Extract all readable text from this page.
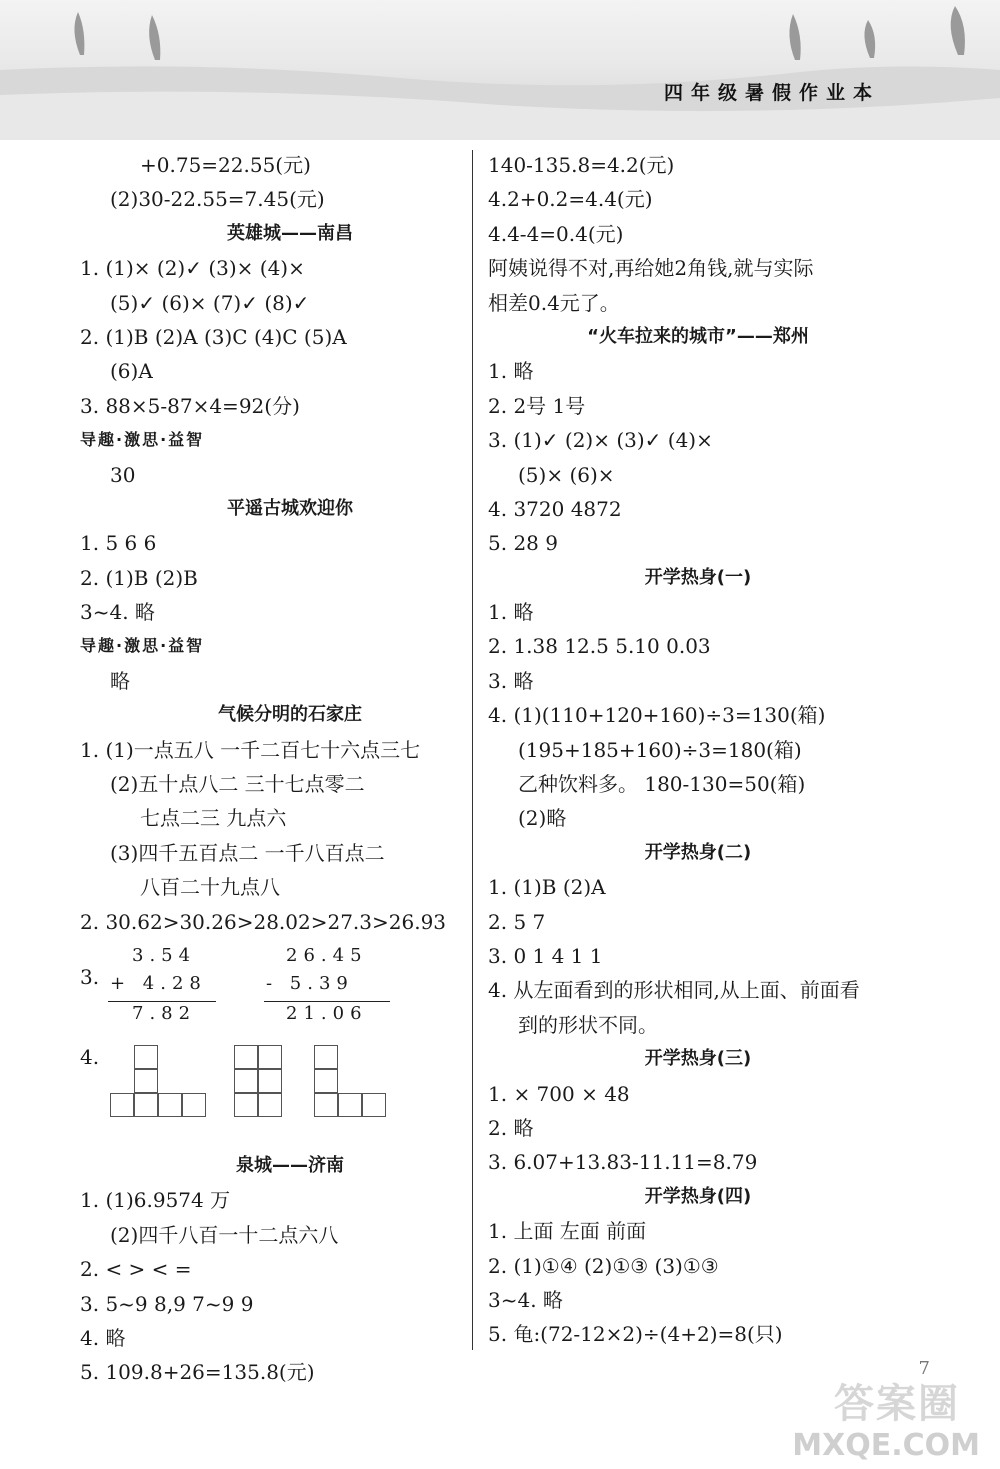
四年级暑假作业本
+0.75=22.55(元)
(2)30-22.55=7.45(元)
英雄城——南昌
1. (1)× (2)✓ (3)× (4)×
(5)✓ (6)× (7)✓ (8)✓
2. (1)B (2)A (3)C (4)C (5)A
(6)A
3. 88×5-87×4=92(分)
导趣·激思·益智
30
平遥古城欢迎你
1. 5 6 6
2. (1)B (2)B
3~4. 略
导趣·激思·益智
略
气候分明的石家庄
1. (1)一点五八 一千二百七十六点三七
(2)五十点八二 三十七点零二
七点二三 九点六
(3)四千五百点二 一千八百点二
八百二十九点八
2. 30.62>30.26>28.02>27.3>26.93
3.
3.54
+ 4.28
7.82
26.45
- 5.39
21.06
4.
泉城——济南
1. (1)6.9574 万
(2)四千八百一十二点六八
2. < > < =
3. 5~9 8,9 7~9 9
4. 略
5. 109.8+26=135.8(元)
140-135.8=4.2(元)
4.2+0.2=4.4(元)
4.4-4=0.4(元)
阿姨说得不对,再给她2角钱,就与实际
相差0.4元了。
“火车拉来的城市”——郑州
1. 略
2. 2号 1号
3. (1)✓ (2)× (3)✓ (4)×
(5)× (6)×
4. 3720 4872
5. 28 9
开学热身(一)
1. 略
2. 1.38 12.5 5.10 0.03
3. 略
4. (1)(110+120+160)÷3=130(箱)
(195+185+160)÷3=180(箱)
乙种饮料多。 180-130=50(箱)
(2)略
开学热身(二)
1. (1)B (2)A
2. 5 7
3. 0 1 4 1 1
4. 从左面看到的形状相同,从上面、前面看
到的形状不同。
开学热身(三)
1. × 700 × 48
2. 略
3. 6.07+13.83-11.11=8.79
开学热身(四)
1. 上面 左面 前面
2. (1)①④ (2)①③ (3)①③
3~4. 略
5. 龟:(72-12×2)÷(4+2)=8(只)
7
答案圈
MXQE.COM
